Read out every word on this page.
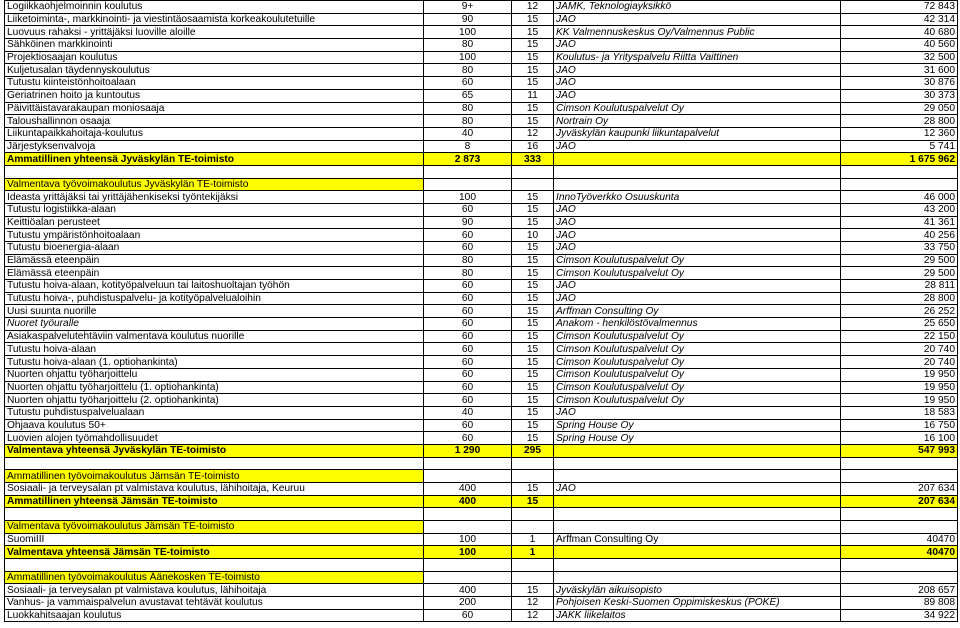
Logiikkaohjelmoinnin koulutus	9+	12	JAMK, Teknologiayksikkö	72 843
Liiketoiminta-, markkinointi- ja viestintäosaamista korkeakoulutetuille	90	15	JAO	42 314
Luovuus rahaksi - yrittäjäksi luoville aloille	100	15	KK Valmennuskeskus Oy/Valmennus Public	40 680
Sähköinen markkinointi	80	15	JAO	40 560
Projektiosaajan koulutus	100	15	Koulutus- ja Yrityspalvelu Riitta Vaittinen	32 500
Kuljetusalan täydennyskoulutus	80	15	JAO	31 600
Tutustu kiinteistönhoitoalaan	60	15	JAO	30 876
Geriatrinen hoito ja kuntoutus	65	11	JAO	30 373
Päivittäistavarakaupan moniosaaja	80	15	Cimson Koulutuspalvelut Oy	29 050
Taloushallinnon osaaja	80	15	Nortrain Oy	28 800
Liikuntapaikkahoitaja-koulutus	40	12	Jyväskylän kaupunki liikuntapalvelut	12 360
Järjestyksenvalvoja	8	16	JAO	5 741
Ammatillinen yhteensä Jyväskylän TE-toimisto	2 873	333		1 675 962

Valmentava työvoimakoulutus Jyväskylän TE-toimisto				
Ideasta yrittäjäksi tai yrittäjähenkiseksi työntekijäksi	100	15	InnoTyöverkko Osuuskunta	46 000
Tutustu logistiikka-alaan	60	15	JAO	43 200
Keittiöalan perusteet	90	15	JAO	41 361
Tutustu ympäristönhoitoalaan	60	10	JAO	40 256
Tutustu bioenergia-alaan	60	15	JAO	33 750
Elämässä eteenpäin	80	15	Cimson Koulutuspalvelut Oy	29 500
Elämässä eteenpäin	80	15	Cimson Koulutuspalvelut Oy	29 500
Tutustu hoiva-alaan, kotityöpalveluun tai laitoshuoltajan työhön	60	15	JAO	28 811
Tutustu hoiva-, puhdistuspalvelu- ja kotityöpalvelualoihin	60	15	JAO	28 800
Uusi suunta nuorille	60	15	Arffman Consulting Oy	26 252
Nuoret työuralle	60	15	Anakom - henkilöstövalmennus	25 650
Asiakaspalvelutehtäviin valmentava koulutus nuorille	60	15	Cimson Koulutuspalvelut Oy	22 150
Tutustu hoiva-alaan	60	15	Cimson Koulutuspalvelut Oy	20 740
Tutustu hoiva-alaan (1. optiohankinta)	60	15	Cimson Koulutuspalvelut Oy	20 740
Nuorten ohjattu työharjoittelu	60	15	Cimson Koulutuspalvelut Oy	19 950
Nuorten ohjattu työharjoittelu (1. optiohankinta)	60	15	Cimson Koulutuspalvelut Oy	19 950
Nuorten ohjattu työharjoittelu (2. optiohankinta)	60	15	Cimson Koulutuspalvelut Oy	19 950
Tutustu puhdistuspalvelualaan	40	15	JAO	18 583
Ohjaava koulutus 50+	60	15	Spring House Oy	16 750
Luovien alojen työmahdollisuudet	60	15	Spring House Oy	16 100
Valmentava yhteensä Jyväskylän TE-toimisto	1 290	295		547 993

Ammatillinen työvoimakoulutus Jämsän TE-toimisto				
Sosiaali- ja terveysalan pt valmistava koulutus, lähihoitaja, Keuruu	400	15	JAO	207 634
Ammatillinen yhteensä Jämsän TE-toimisto	400	15		207 634

Valmentava työvoimakoulutus Jämsän TE-toimisto				
SuomiIII	100	1	Arffman Consulting Oy	40470
Valmentava yhteensä Jämsän TE-toimisto	100	1		40470

Ammatillinen työvoimakoulutus Äänekosken TE-toimisto				
Sosiaali- ja terveysalan pt valmistava koulutus, lähihoitaja	400	15	Jyväskylän aikuisopisto	208 657
Vanhus- ja vammaispalvelun avustavat tehtävät koulutus	200	12	Pohjoisen Keski-Suomen Oppimiskeskus (POKE)	89 808
Luokkahitsaajan koulutus	60	12	JAKK liikelaitos	34 922
